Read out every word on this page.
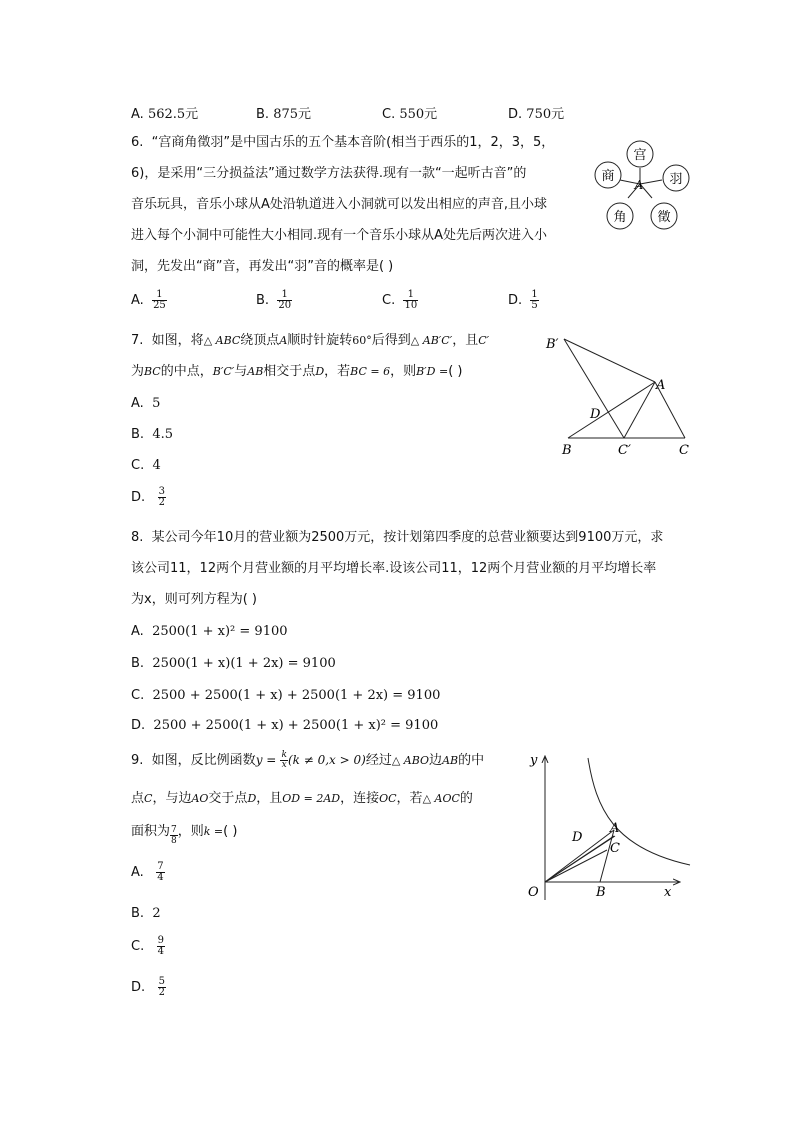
A. 562.5元	B. 875元	C. 550元	D. 750元
6. “宫商角徵羽”是中国古乐的五个基本音阶(相当于西乐的1，2，3，5，
6)，是采用“三分损益法”通过数学方法获得.现有一款“一起听古音”的
音乐玩具，音乐小球从A处沿轨道进入小洞就可以发出相应的声音,且小球
进入每个小洞中可能性大小相同.现有一个音乐小球从A处先后两次进入小
洞，先发出“商”音，再发出“羽”音的概率是( )
宫
商	羽
角 徵
A
A. $\frac{1}{25}$	B. $\frac{1}{20}$	C. $\frac{1}{10}$	D. $\frac{1}{5}$
7. 如图，将△ ABC绕顶点A顺时针旋转60°后得到△ AB′C′，且C′
为BC的中点，B′C′与AB相交于点D，若BC = 6，则B′D =( )
A. 5
B. 4.5
C. 4
D. $\frac{3}{2}$
B′
A
D
B	C′	C
8. 某公司今年10月的营业额为2500万元，按计划第四季度的总营业额要达到9100万元，求
该公司11，12两个月营业额的月平均增长率.设该公司11，12两个月营业额的月平均增长率
为x，则可列方程为( )
A. 2500(1 + x)² = 9100
B. 2500(1 + x)(1 + 2x) = 9100
C. 2500 + 2500(1 + x) + 2500(1 + 2x) = 9100
D. 2500 + 2500(1 + x) + 2500(1 + x)² = 9100
9. 如图，反比例函数$y = \frac{k}{x} (k \ne 0,x > 0)$经过△ ABO边AB的中
点C，与边AO交于点D，且OD = 2AD，连接OC，若△ AOC的
面积为 $\frac{7}{8}$ ，则k =( )
A. $\frac{7}{4}$
B. 2
C. $\frac{9}{4}$
D. $\frac{5}{2}$
y
A
D
C
O	B	x
